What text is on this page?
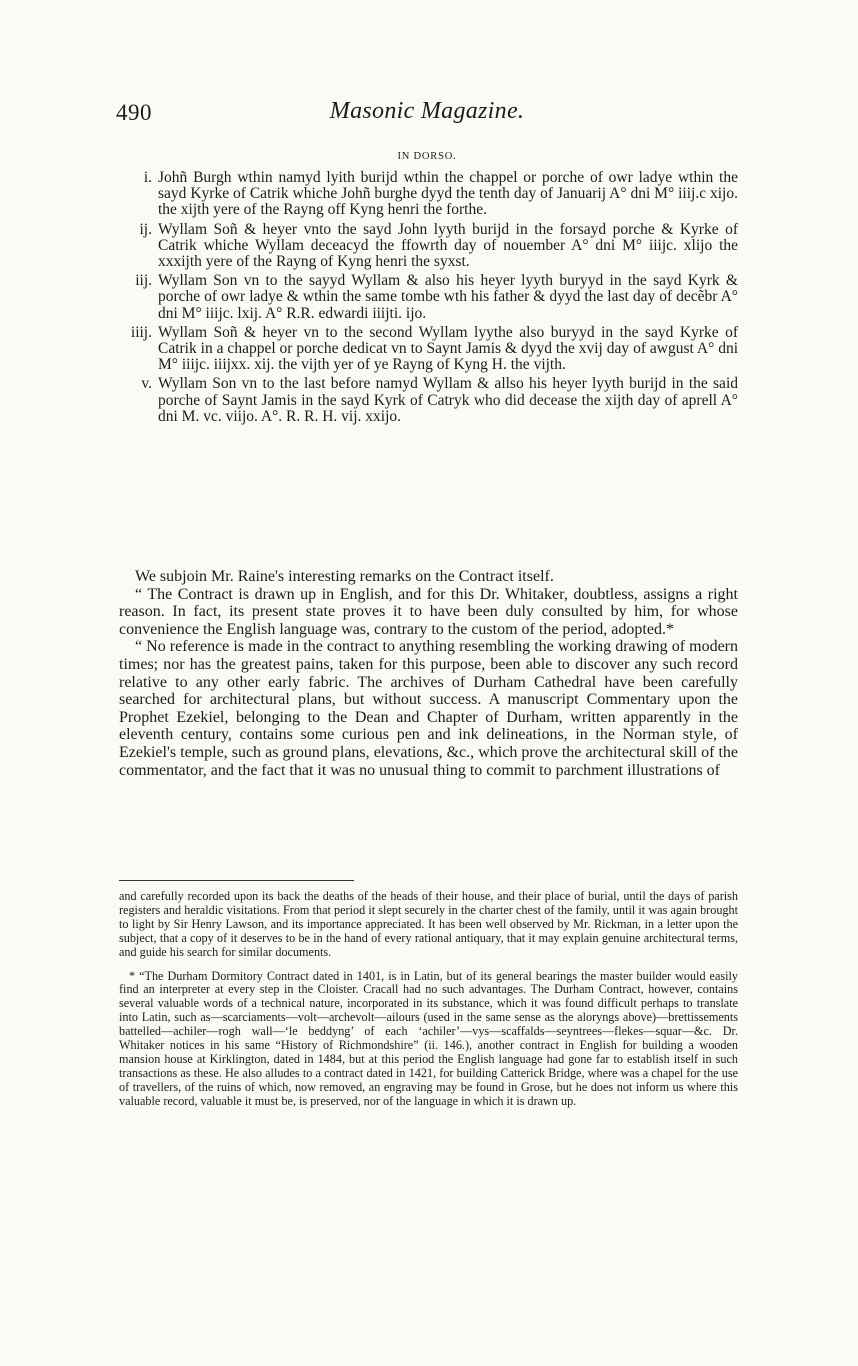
490	Masonic Magazine.
IN DORSO.
i. Johñ Burgh wthin namyd lyith burijd wthin the chappel or porche of owr ladye wthin the sayd Kyrke of Catrik whiche Johñ burghe dyyd the tenth day of Januarij A° dni M° iiij.c xijo. the xijth yere of the Rayng off Kyng henri the forthe.
ij. Wyllam Soñ & heyer vnto the sayd John lyyth burijd in the forsayd porche & Kyrke of Catrik whiche Wyllam deceacyd the ffowrth day of nouember A° dni M° iiijc. xlijo the xxxijth yere of the Rayng of Kyng henri the syxst.
iij. Wyllam Son vn to the sayyd Wyllam & also his heyer lyyth buryyd in the sayd Kyrk & porche of owr ladye & wthin the same tombe wth his father & dyyd the last day of decẽbr A° dni M° iiijc. lxij. A° R.R. edwardi iiijti. ijo.
iiij. Wyllam Soñ & heyer vn to the second Wyllam lyythe also buryyd in the sayd Kyrke of Catrik in a chappel or porche dedicat vn to Saynt Jamis & dyyd the xvij day of awgust A° dni M° iiijc. iiijxx. xij. the vijth yer of ye Rayng of Kyng H. the vijth.
v. Wyllam Son vn to the last before namyd Wyllam & allso his heyer lyyth burijd in the said porche of Saynt Jamis in the sayd Kyrk of Catryk who did decease the xijth day of aprell A° dni M. vc. viijo. A°. R. R. H. vij. xxijo.

We subjoin Mr. Raine's interesting remarks on the Contract itself.

“ The Contract is drawn up in English, and for this Dr. Whitaker, doubtless, assigns a right reason. In fact, its present state proves it to have been duly consulted by him, for whose convenience the English language was, contrary to the custom of the period, adopted.*

“ No reference is made in the contract to anything resembling the working drawing of modern times; nor has the greatest pains, taken for this purpose, been able to discover any such record relative to any other early fabric. The archives of Durham Cathedral have been carefully searched for architectural plans, but without success. A manuscript Commentary upon the Prophet Ezekiel, belonging to the Dean and Chapter of Durham, written apparently in the eleventh century, contains some curious pen and ink delineations, in the Norman style, of Ezekiel's temple, such as ground plans, elevations, &c., which prove the architectural skill of the commentator, and the fact that it was no unusual thing to commit to parchment illustrations of

and carefully recorded upon its back the deaths of the heads of their house, and their place of burial, until the days of parish registers and heraldic visitations. From that period it slept securely in the charter chest of the family, until it was again brought to light by Sir Henry Lawson, and its importance appreciated. It has been well observed by Mr. Rickman, in a letter upon the subject, that a copy of it deserves to be in the hand of every rational antiquary, that it may explain genuine architectural terms, and guide his search for similar documents.

* “The Durham Dormitory Contract dated in 1401, is in Latin, but of its general bearings the master builder would easily find an interpreter at every step in the Cloister. Cracall had no such advantages. The Durham Contract, however, contains several valuable words of a technical nature, incorporated in its substance, which it was found difficult perhaps to translate into Latin, such as—scarciaments—volt—archevolt—ailours (used in the same sense as the aloryngs above)—brettissements battelled—achiler—rogh wall—‘le beddyng’ of each ‘achiler’—vys—scaffalds—seyntrees—flekes—squar—&c. Dr. Whitaker notices in his same “History of Richmondshire” (ii. 146.), another contract in English for building a wooden mansion house at Kirklington, dated in 1484, but at this period the English language had gone far to establish itself in such transactions as these. He also alludes to a contract dated in 1421, for building Catterick Bridge, where was a chapel for the use of travellers, of the ruins of which, now removed, an engraving may be found in Grose, but he does not inform us where this valuable record, valuable it must be, is preserved, nor of the language in which it is drawn up.
